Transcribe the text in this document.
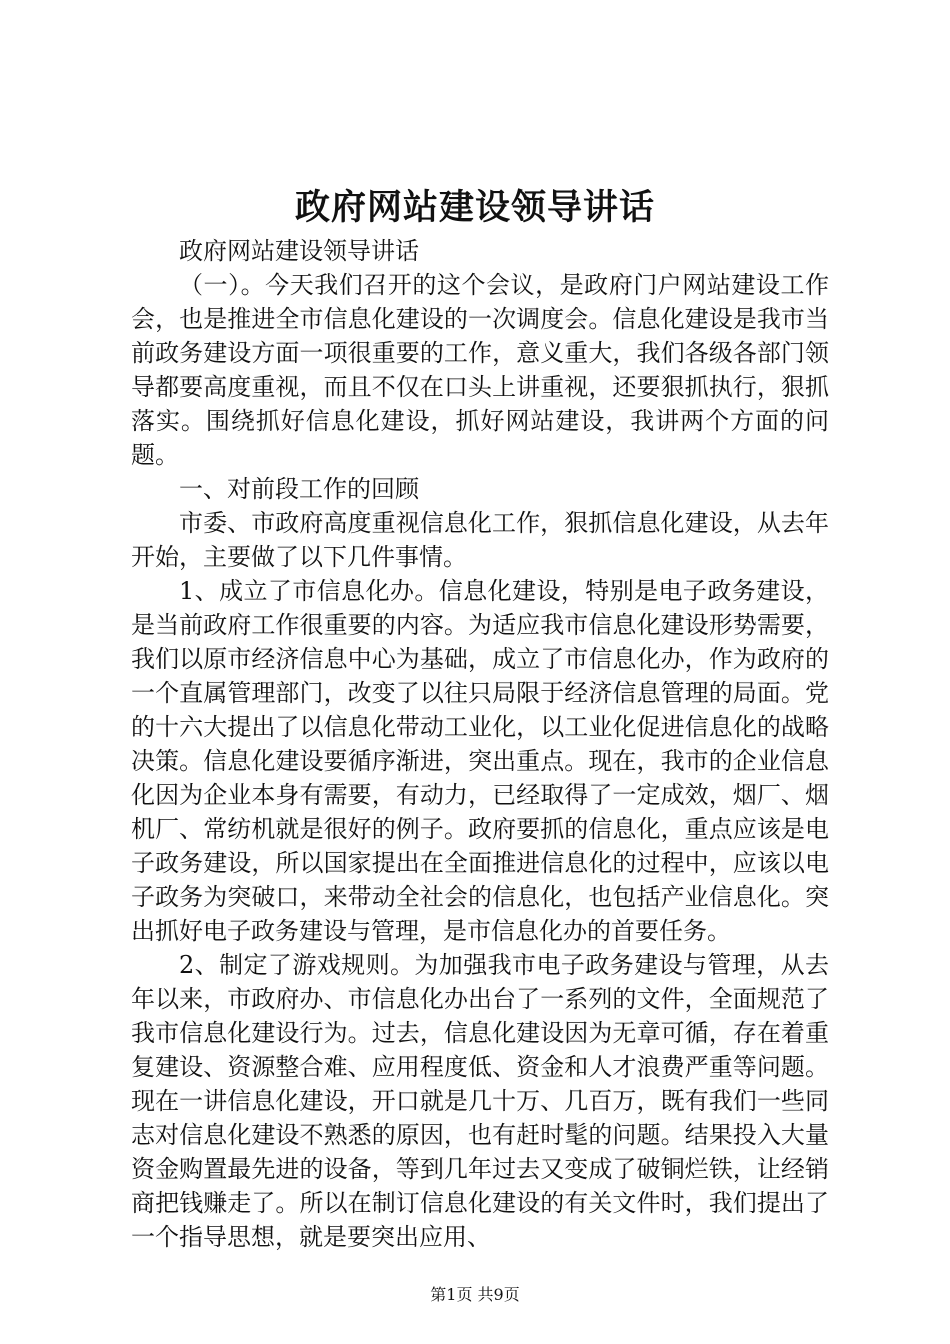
政府网站建设领导讲话

政府网站建设领导讲话

（一）。今天我们召开的这个会议，是政府门户网站建设工作会，也是推进全市信息化建设的一次调度会。信息化建设是我市当前政务建设方面一项很重要的工作，意义重大，我们各级各部门领导都要高度重视，而且不仅在口头上讲重视，还要狠抓执行，狠抓落实。围绕抓好信息化建设，抓好网站建设，我讲两个方面的问题。

一、对前段工作的回顾

市委、市政府高度重视信息化工作，狠抓信息化建设，从去年开始，主要做了以下几件事情。

1、成立了市信息化办。信息化建设，特别是电子政务建设，是当前政府工作很重要的内容。为适应我市信息化建设形势需要，我们以原市经济信息中心为基础，成立了市信息化办，作为政府的一个直属管理部门，改变了以往只局限于经济信息管理的局面。党的十六大提出了以信息化带动工业化，以工业化促进信息化的战略决策。信息化建设要循序渐进，突出重点。现在，我市的企业信息化因为企业本身有需要，有动力，已经取得了一定成效，烟厂、烟机厂、常纺机就是很好的例子。政府要抓的信息化，重点应该是电子政务建设，所以国家提出在全面推进信息化的过程中，应该以电子政务为突破口，来带动全社会的信息化，也包括产业信息化。突出抓好电子政务建设与管理，是市信息化办的首要任务。

2、制定了游戏规则。为加强我市电子政务建设与管理，从去年以来，市政府办、市信息化办出台了一系列的文件，全面规范了我市信息化建设行为。过去，信息化建设因为无章可循，存在着重复建设、资源整合难、应用程度低、资金和人才浪费严重等问题。现在一讲信息化建设，开口就是几十万、几百万，既有我们一些同志对信息化建设不熟悉的原因，也有赶时髦的问题。结果投入大量资金购置最先进的设备，等到几年过去又变成了破铜烂铁，让经销商把钱赚走了。所以在制订信息化建设的有关文件时，我们提出了一个指导思想，就是要突出应用、

第1页 共9页
